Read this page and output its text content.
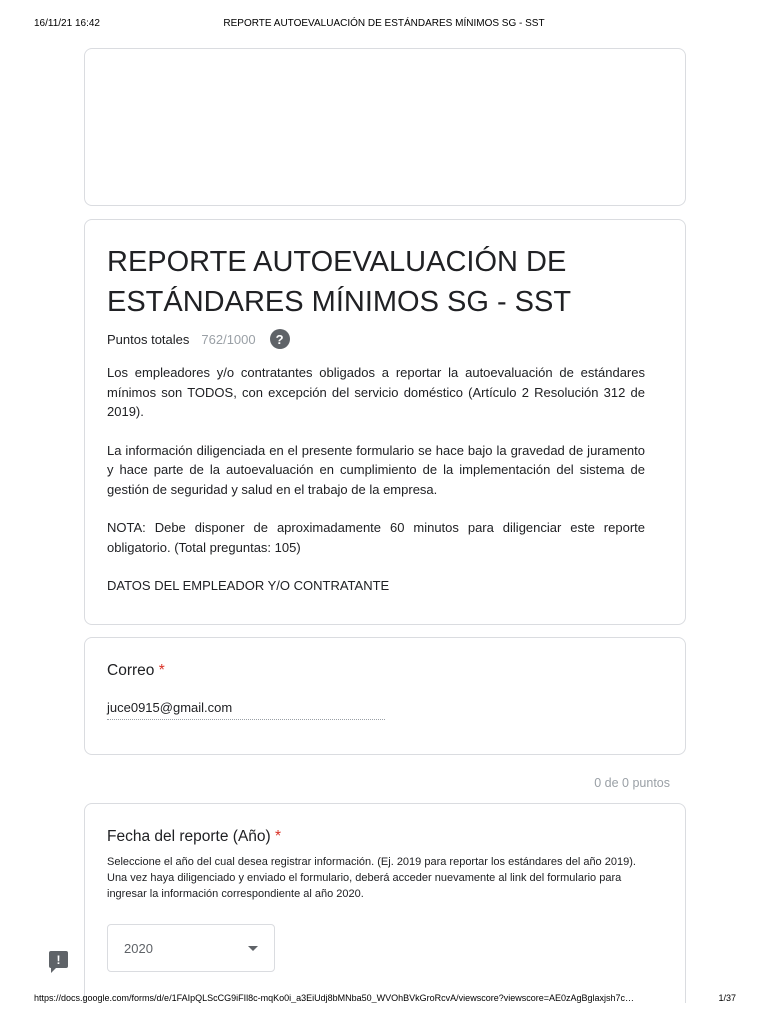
16/11/21 16:42	REPORTE AUTOEVALUACIÓN DE ESTÁNDARES MÍNIMOS SG - SST
REPORTE AUTOEVALUACIÓN DE ESTÁNDARES MÍNIMOS SG - SST
Puntos totales 762/1000	?

Los empleadores y/o contratantes obligados a reportar la autoevaluación de estándares mínimos son TODOS, con excepción del servicio doméstico (Artículo 2 Resolución 312 de 2019).

La información diligenciada en el presente formulario se hace bajo la gravedad de juramento y hace parte de la autoevaluación en cumplimiento de la implementación del sistema de gestión de seguridad y salud en el trabajo de la empresa.

NOTA: Debe disponer de aproximadamente 60 minutos para diligenciar este reporte obligatorio. (Total preguntas: 105)

DATOS DEL EMPLEADOR Y/O CONTRATANTE

Correo *
juce0915@gmail.com
0 de 0 puntos
Fecha del reporte (Año) *
Seleccione el año del cual desea registrar información. (Ej. 2019 para reportar los estándares del año 2019). Una vez haya diligenciado y enviado el formulario, deberá acceder nuevamente al link del formulario para ingresar la información correspondiente al año 2020.
2020
!
https://docs.google.com/forms/d/e/1FAIpQLScCG9iFIl8c-mqKo0i_a3EiUdj8bMNba50_WVOhBVkGroRcvA/viewscore?viewscore=AE0zAgBglaxjsh7c…	1/37
